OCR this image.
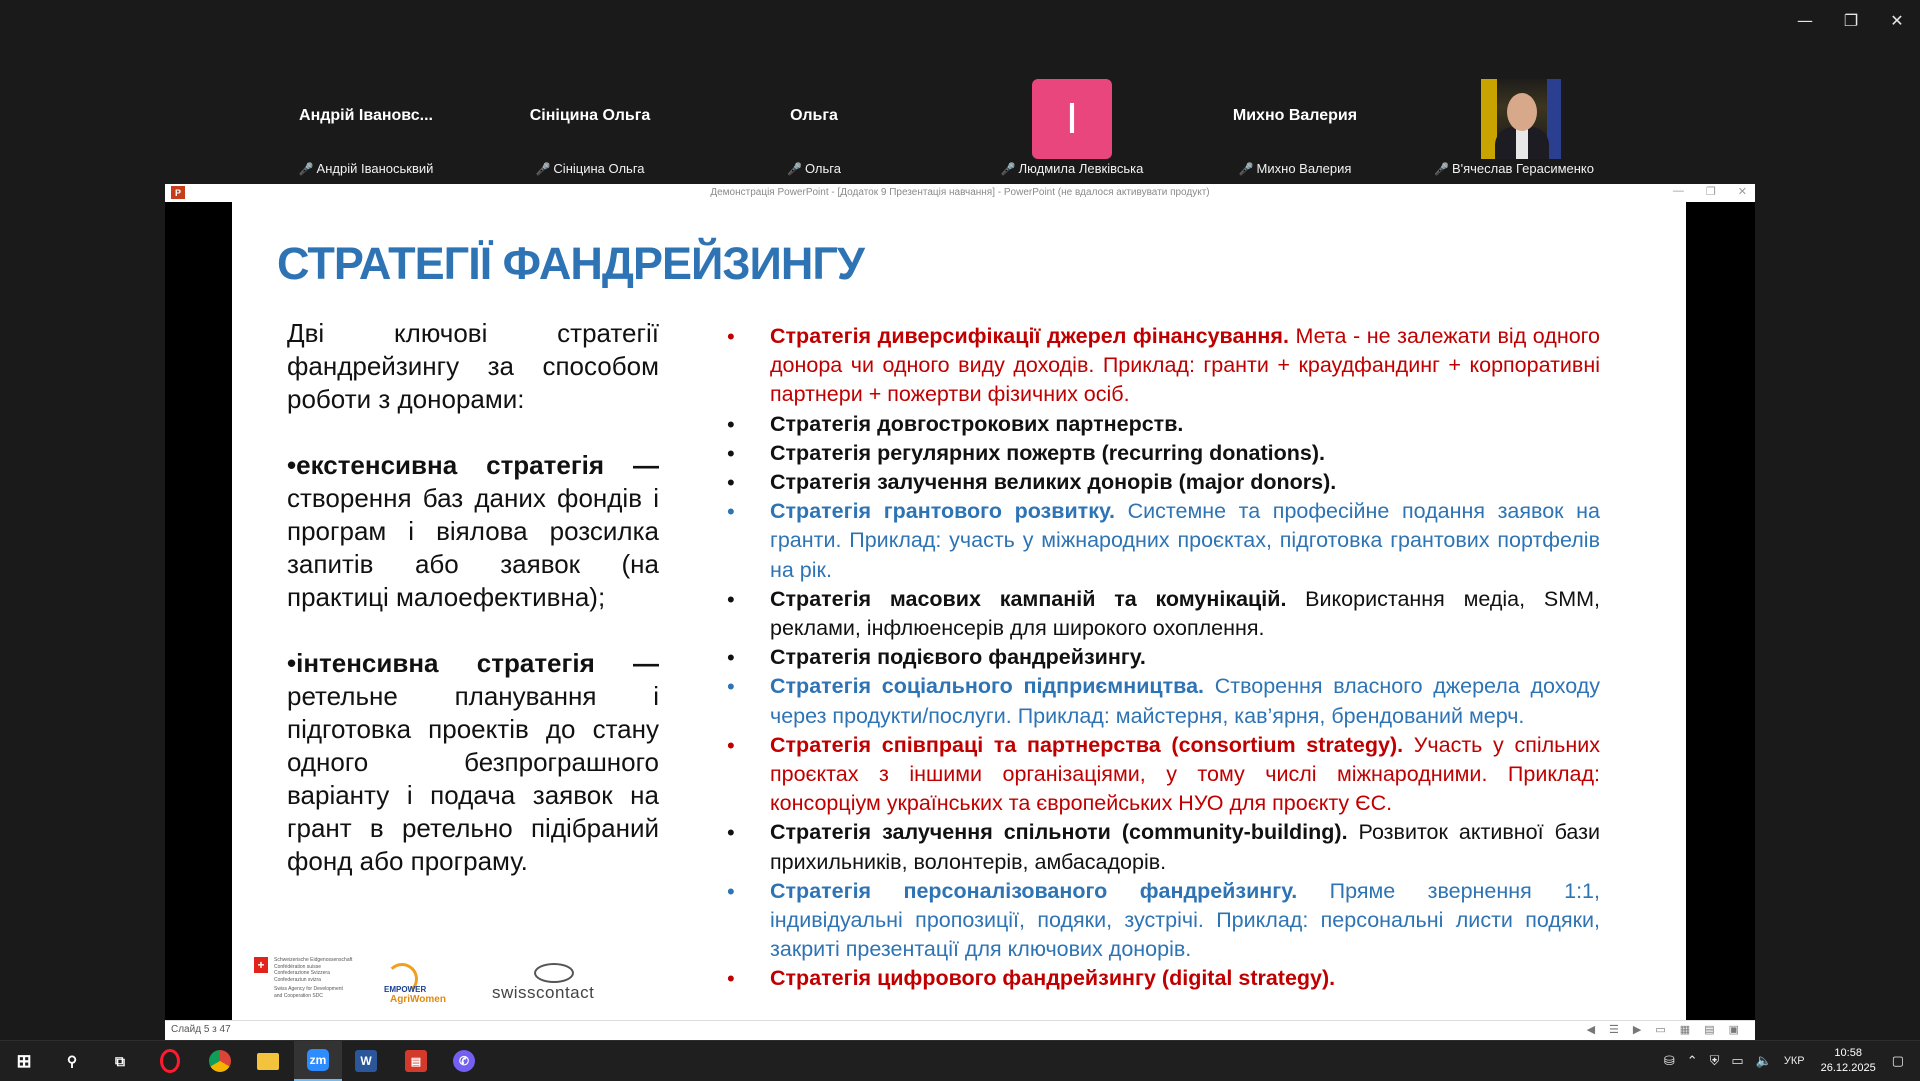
—	❐	✕
Андрій Івановс...
🎤 Андрій Іваноськвий
Сініцина Ольга
🎤 Сініцина Ольга
Ольга
🎤 Ольга
I
🎤 Людмила Левківська
Михно Валерия
🎤 Михно Валерия	🎤 В'ячеслав Герасименко
P	Демонстрація PowerPoint - [Додаток 9 Презентація навчання] - PowerPoint (не вдалося активувати продукт)	— ❐ ✕
СТРАТЕГІЇ ФАНДРЕЙЗИНГУ

Дві ключові стратегії фандрейзингу за способом роботи з донорами:

•екстенсивна стратегія — створення баз даних фондів і програм і віялова розсилка запитів або заявок (на практиці малоефективна);

•інтенсивна стратегія — ретельне планування і підготовка проектів до стану одного безпрограшного варіанту і подача заявок на грант в ретельно підібраний фонд або програму.

• Стратегія диверсифікації джерел фінансування. Мета - не залежати від одного донора чи одного виду доходів. Приклад: гранти + краудфандинг + корпоративні партнери + пожертви фізичних осіб.
• Стратегія довгострокових партнерств.
• Стратегія регулярних пожертв (recurring donations).
• Стратегія залучення великих донорів (major donors).
• Стратегія грантового розвитку. Системне та професійне подання заявок на гранти. Приклад: участь у міжнародних проєктах, підготовка грантових портфелів на рік.
• Стратегія масових кампаній та комунікацій. Використання медіа, SMM, реклами, інфлюенсерів для широкого охоплення.
• Стратегія подієвого фандрейзингу.
• Стратегія соціального підприємництва. Створення власного джерела доходу через продукти/послуги. Приклад: майстерня, кав’ярня, брендований мерч.
• Стратегія співпраці та партнерства (consortium strategy). Участь у спільних проєктах з іншими організаціями, у тому числі міжнародними. Приклад: консорціум українських та європейських НУО для проєкту ЄС.
• Стратегія залучення спільноти (community-building). Розвиток активної бази прихильників, волонтерів, амбасадорів.
• Стратегія персоналізованого фандрейзингу. Пряме звернення 1:1, індивідуальні пропозиції, подяки, зустрічі. Приклад: персональні листи подяки, закриті презентації для ключових донорів.
• Стратегія цифрового фандрейзингу (digital strategy).
+	Schweizerische Eidgenossenschaft
Confédération suisse
Confederazione Svizzera
Confederaziun svizra
Swiss Agency for Development
and Cooperation SDC
EMPOWER
AgriWomen	swisscontact
Слайд 5 з 47	◀ ☰ ▶ ▭ ▦ ▤ ▣
⊞	⚲	⧉	zm	W	▤	✆	⛁ ⌃ ⛨ ▭ 🔈 УКР
10:58
26.12.2025 ▢
